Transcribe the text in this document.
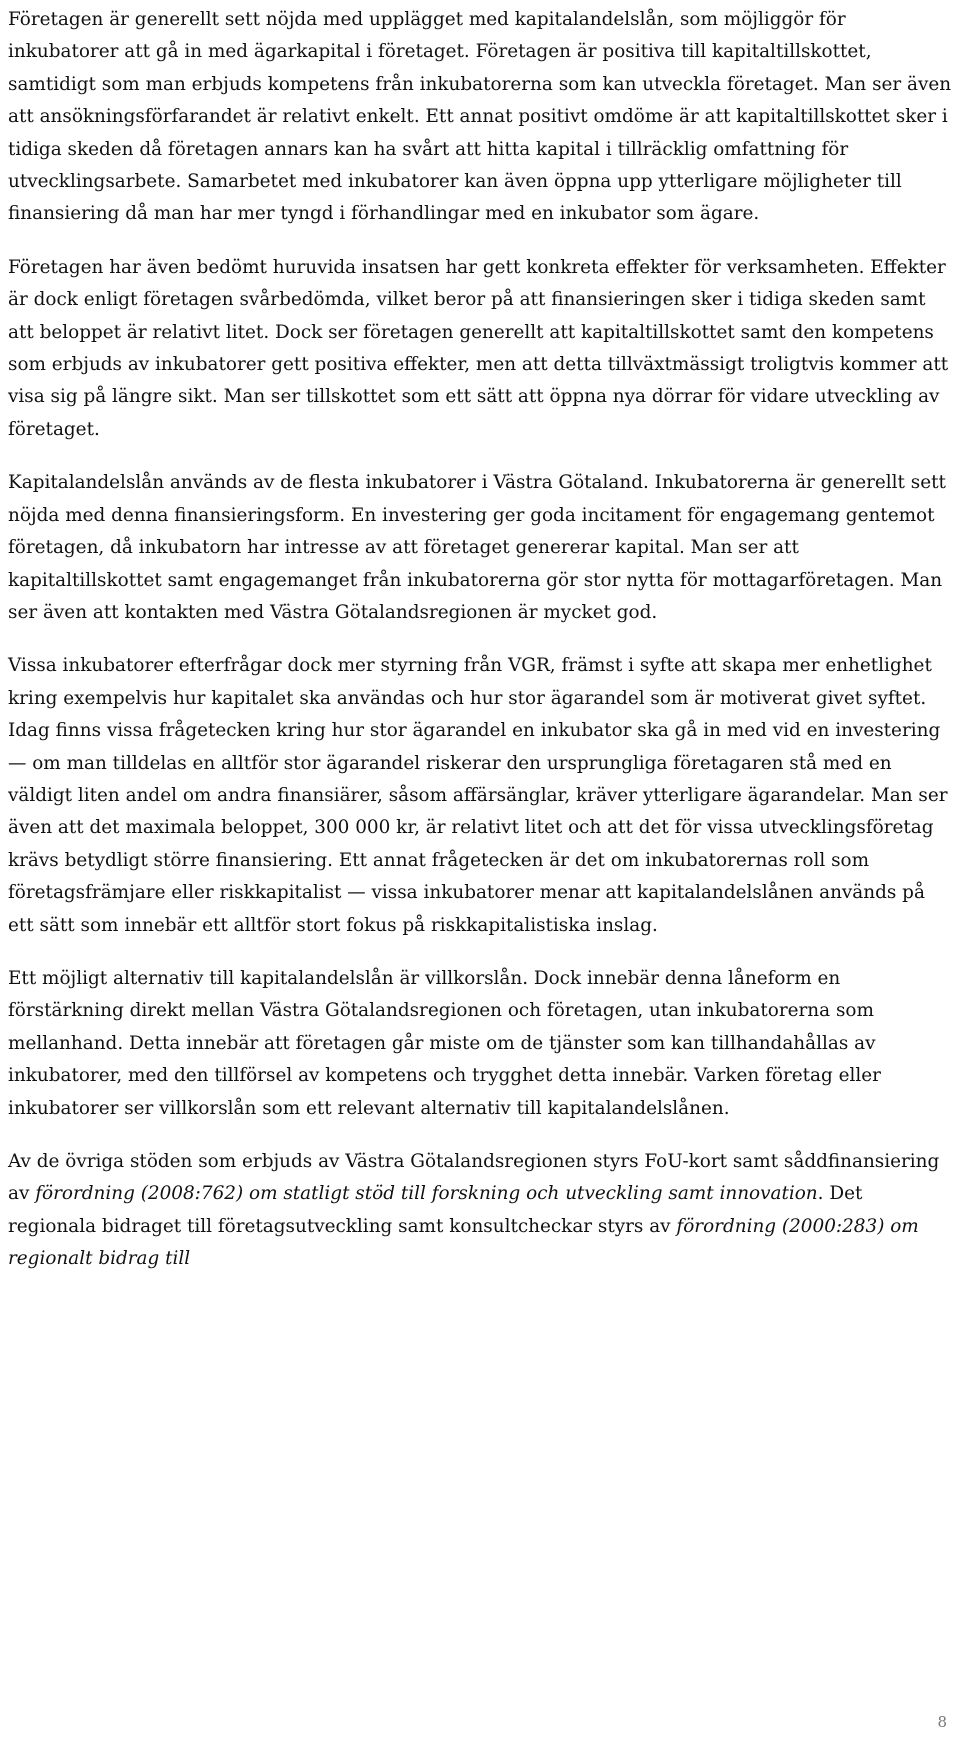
Företagen är generellt sett nöjda med upplägget med kapitalandelslån, som möjliggör för inkubatorer att gå in med ägarkapital i företaget. Företagen är positiva till kapitaltillskottet, samtidigt som man erbjuds kompetens från inkubatorerna som kan utveckla företaget. Man ser även att ansökningsförfarandet är relativt enkelt. Ett annat positivt omdöme är att kapitaltillskottet sker i tidiga skeden då företagen annars kan ha svårt att hitta kapital i tillräcklig omfattning för utvecklingsarbete. Samarbetet med inkubatorer kan även öppna upp ytterligare möjligheter till finansiering då man har mer tyngd i förhandlingar med en inkubator som ägare.

Företagen har även bedömt huruvida insatsen har gett konkreta effekter för verksamheten. Effekter är dock enligt företagen svårbedömda, vilket beror på att finansieringen sker i tidiga skeden samt att beloppet är relativt litet. Dock ser företagen generellt att kapitaltillskottet samt den kompetens som erbjuds av inkubatorer gett positiva effekter, men att detta tillväxtmässigt troligtvis kommer att visa sig på längre sikt. Man ser tillskottet som ett sätt att öppna nya dörrar för vidare utveckling av företaget.

Kapitalandelslån används av de flesta inkubatorer i Västra Götaland. Inkubatorerna är generellt sett nöjda med denna finansieringsform. En investering ger goda incitament för engagemang gentemot företagen, då inkubatorn har intresse av att företaget genererar kapital. Man ser att kapitaltillskottet samt engagemanget från inkubatorerna gör stor nytta för mottagarföretagen. Man ser även att kontakten med Västra Götalandsregionen är mycket god.

Vissa inkubatorer efterfrågar dock mer styrning från VGR, främst i syfte att skapa mer enhetlighet kring exempelvis hur kapitalet ska användas och hur stor ägarandel som är motiverat givet syftet. Idag finns vissa frågetecken kring hur stor ägarandel en inkubator ska gå in med vid en investering — om man tilldelas en alltför stor ägarandel riskerar den ursprungliga företagaren stå med en väldigt liten andel om andra finansiärer, såsom affärsänglar, kräver ytterligare ägarandelar. Man ser även att det maximala beloppet, 300 000 kr, är relativt litet och att det för vissa utvecklingsföretag krävs betydligt större finansiering. Ett annat frågetecken är det om inkubatorernas roll som företagsfrämjare eller riskkapitalist — vissa inkubatorer menar att kapitalandelslånen används på ett sätt som innebär ett alltför stort fokus på riskkapitalistiska inslag.

Ett möjligt alternativ till kapitalandelslån är villkorslån. Dock innebär denna låneform en förstärkning direkt mellan Västra Götalandsregionen och företagen, utan inkubatorerna som mellanhand. Detta innebär att företagen går miste om de tjänster som kan tillhandahållas av inkubatorer, med den tillförsel av kompetens och trygghet detta innebär. Varken företag eller inkubatorer ser villkorslån som ett relevant alternativ till kapitalandelslånen.

Av de övriga stöden som erbjuds av Västra Götalandsregionen styrs FoU-kort samt såddfinansiering av förordning (2008:762) om statligt stöd till forskning och utveckling samt innovation. Det regionala bidraget till företagsutveckling samt konsultcheckar styrs av förordning (2000:283) om regionalt bidrag till

8
